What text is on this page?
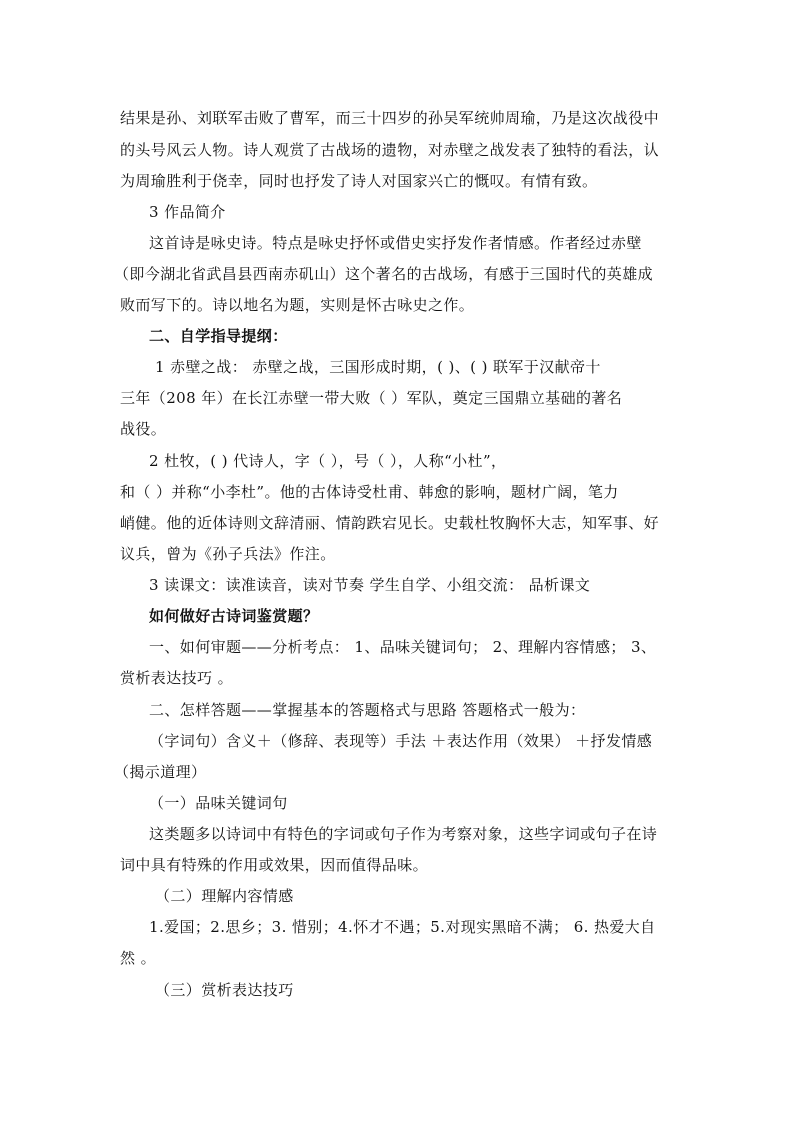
结果是孙、刘联军击败了曹军，而三十四岁的孙吴军统帅周瑜，乃是这次战役中
的头号风云人物。诗人观赏了古战场的遗物，对赤壁之战发表了独特的看法，认
为周瑜胜利于侥幸，同时也抒发了诗人对国家兴亡的慨叹。有情有致。
3 作品简介
这首诗是咏史诗。特点是咏史抒怀或借史实抒发作者情感。作者经过赤壁
（即今湖北省武昌县西南赤矶山）这个著名的古战场，有感于三国时代的英雄成
败而写下的。诗以地名为题，实则是怀古咏史之作。
二、自学指导提纲：
1 赤壁之战： 赤壁之战，三国形成时期，( )、( ) 联军于汉献帝十
三年（208 年）在长江赤壁一带大败（ ）军队，奠定三国鼎立基础的著名
战役。
2 杜牧，( ) 代诗人，字（ ），号（ ），人称“小杜”，
和（ ）并称“小李杜”。他的古体诗受杜甫、韩愈的影响，题材广阔，笔力
峭健。他的近体诗则文辞清丽、情韵跌宕见长。史载杜牧胸怀大志，知军事、好
议兵，曾为《孙子兵法》作注。
3 读课文：读准读音，读对节奏 学生自学、小组交流： 品析课文
如何做好古诗词鉴赏题？
一、如何审题——分析考点： 1、品味关键词句； 2、理解内容情感； 3、
赏析表达技巧 。
二、怎样答题——掌握基本的答题格式与思路 答题格式一般为：
（字词句）含义＋（修辞、表现等）手法 ＋表达作用（效果） ＋抒发情感
（揭示道理）
（一）品味关键词句
这类题多以诗词中有特色的字词或句子作为考察对象，这些字词或句子在诗
词中具有特殊的作用或效果，因而值得品味。
（二）理解内容情感
1.爱国；2.思乡；3. 惜别；4.怀才不遇；5.对现实黑暗不满； 6. 热爱大自
然 。
（三）赏析表达技巧
